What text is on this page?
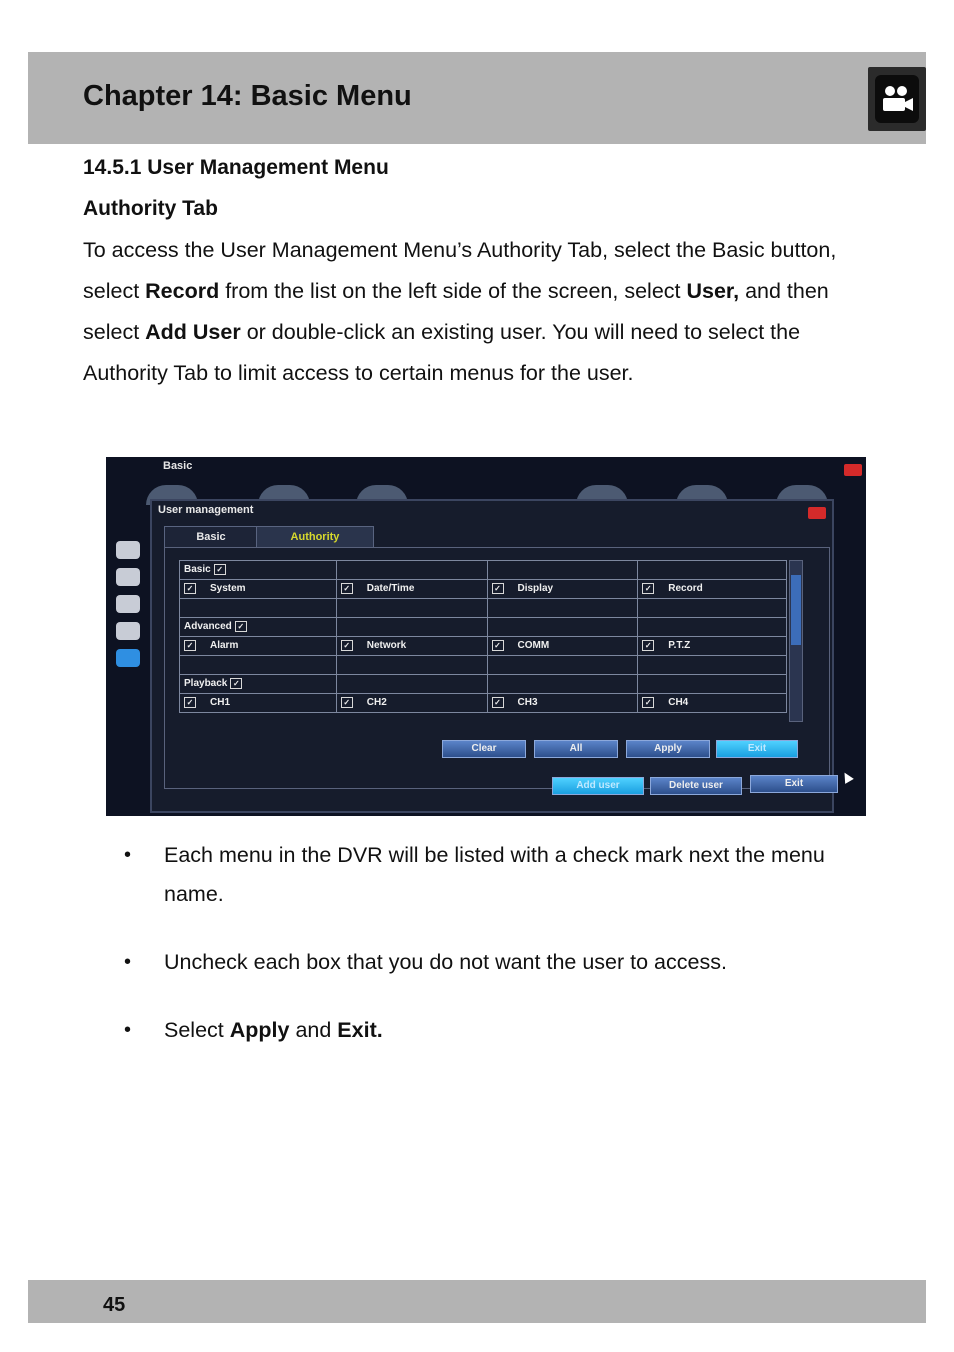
Chapter 14: Basic Menu
14.5.1 User Management Menu
Authority Tab

To access the User Management Menu’s Authority Tab, select the Basic button, select Record from the list on the left side of the screen, select User, and then select Add User or double-click an existing user. You will need to select the Authority Tab to limit access to certain menus for the user.

Basic
User management
Basic	Authority
Basic ✓			
✓ System	✓ Date/Time	✓ Display	✓ Record

Advanced ✓			
✓ Alarm	✓ Network	✓ COMM	✓ P.T.Z

Playback ✓			
✓ CH1	✓ CH2	✓ CH3	✓ CH4
Clear	All	Apply	Exit
Add user	Delete user	Exit
• Each menu in the DVR will be listed with a check mark next the menu name.
• Uncheck each box that you do not want the user to access.
• Select Apply and Exit.
45
